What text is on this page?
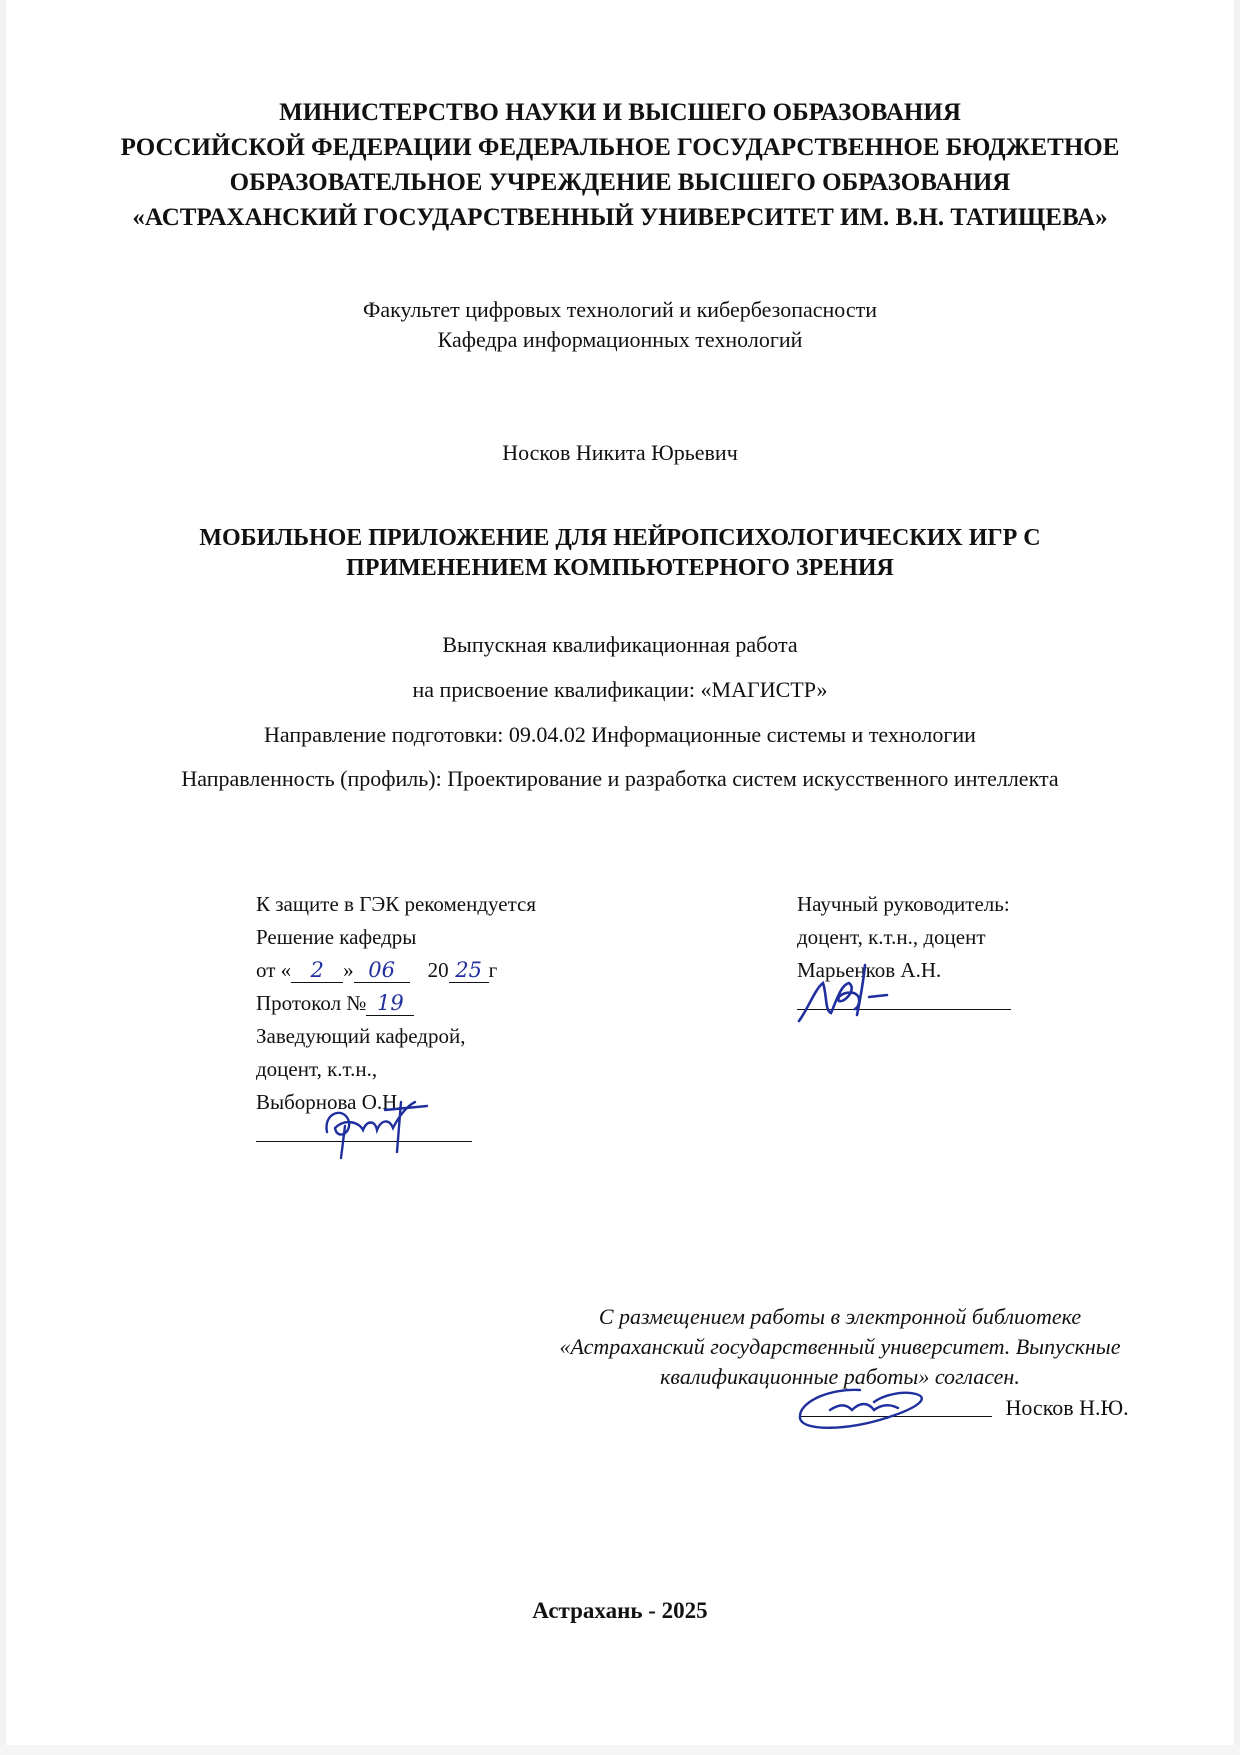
МИНИСТЕРСТВО НАУКИ И ВЫСШЕГО ОБРАЗОВАНИЯ
РОССИЙСКОЙ ФЕДЕРАЦИИ ФЕДЕРАЛЬНОЕ ГОСУДАРСТВЕННОЕ БЮДЖЕТНОЕ
ОБРАЗОВАТЕЛЬНОЕ УЧРЕЖДЕНИЕ ВЫСШЕГО ОБРАЗОВАНИЯ
«АСТРАХАНСКИЙ ГОСУДАРСТВЕННЫЙ УНИВЕРСИТЕТ ИМ. В.Н. ТАТИЩЕВА»
Факультет цифровых технологий и кибербезопасности
Кафедра информационных технологий
Носков Никита Юрьевич
МОБИЛЬНОЕ ПРИЛОЖЕНИЕ ДЛЯ НЕЙРОПСИХОЛОГИЧЕСКИХ ИГР С
ПРИМЕНЕНИЕМ КОМПЬЮТЕРНОГО ЗРЕНИЯ
Выпускная квалификационная работа
на присвоение квалификации: «МАГИСТР»
Направление подготовки: 09.04.02 Информационные системы и технологии
Направленность (профиль): Проектирование и разработка систем искусственного интеллекта
К защите в ГЭК рекомендуется
Решение кафедры
от « 2 » 06 20 25 г
Протокол № 19
Заведующий кафедрой,
доцент, к.т.н.,
Выборнова О.Н.
Научный руководитель:
доцент, к.т.н., доцент
Марьенков А.Н.
С размещением работы в электронной библиотеке
«Астраханский государственный университет. Выпускные
квалификационные работы» согласен.
Носков Н.Ю.
Астрахань - 2025
